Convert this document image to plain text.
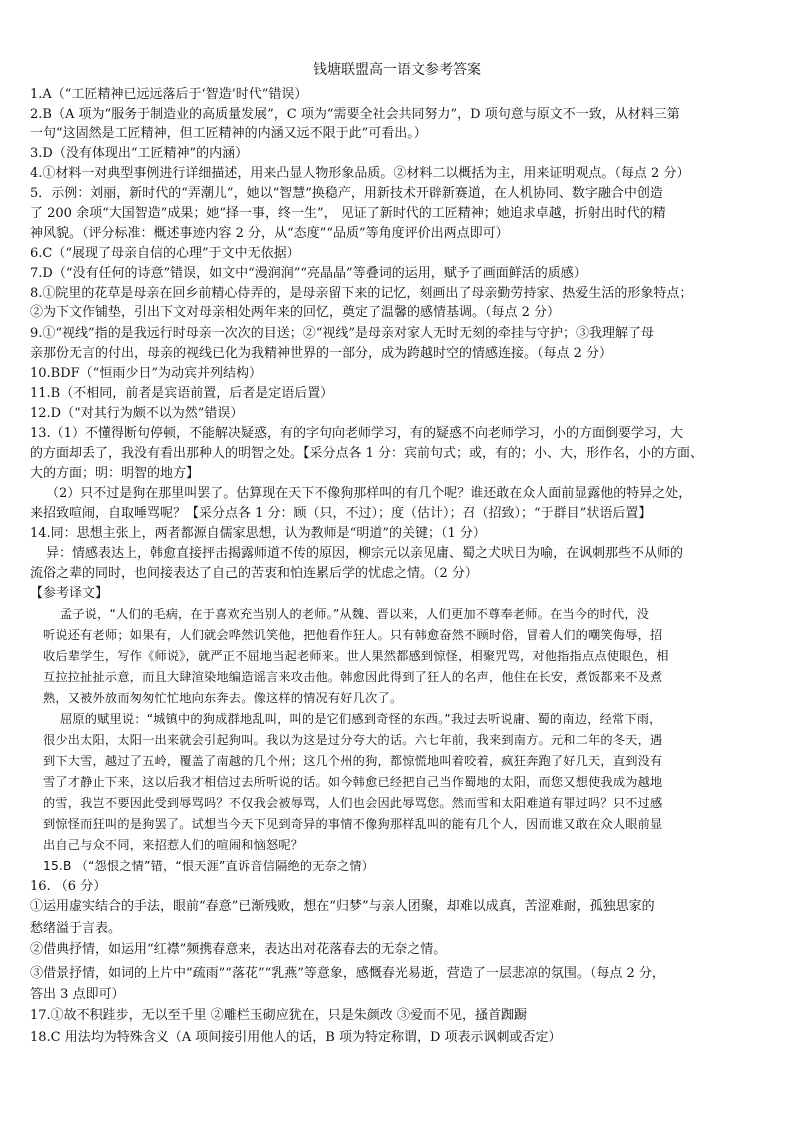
钱塘联盟高一语文参考答案
1.A（“工匠精神已远远落后于‘智造’时代”错误）
2.B（A 项为“服务于制造业的高质量发展”，C 项为“需要全社会共同努力”，D 项句意与原文不一致，从材料三第
一句“这固然是工匠精神，但工匠精神的内涵又远不限于此”可看出。）
3.D（没有体现出“工匠精神”的内涵）
4.①材料一对典型事例进行详细描述，用来凸显人物形象品质。②材料二以概括为主，用来证明观点。（每点 2 分）
5．示例：刘丽，新时代的“弄潮儿”，她以“智慧”换稳产，用新技术开辟新赛道，在人机协同、数字融合中创造
了 200 余项“大国智造”成果；她“择一事，终一生”， 见证了新时代的工匠精神；她追求卓越，折射出时代的精
神风貌。（评分标准：概述事迹内容 2 分，从“态度”“品质”等角度评价出两点即可）
6.C（“展现了母亲自信的心理”于文中无依据）
7.D（“没有任何的诗意”错误，如文中“漫润润”“亮晶晶”等叠词的运用，赋予了画面鲜活的质感）
8.①院里的花草是母亲在回乡前精心侍弄的，是母亲留下来的记忆，刻画出了母亲勤劳持家、热爱生活的形象特点；
②为下文作铺垫，引出下文对母亲相处两年来的回忆，奠定了温馨的感情基调。（每点 2 分）
9.①“视线”指的是我远行时母亲一次次的目送；②“视线”是母亲对家人无时无刻的牵挂与守护；③我理解了母
亲那份无言的付出，母亲的视线已化为我精神世界的一部分，成为跨越时空的情感连接。（每点 2 分）
10.BDF（“恒雨少日”为动宾并列结构）
11.B（不相同，前者是宾语前置，后者是定语后置）
12.D（“对其行为颇不以为然”错误）
13.（1）不懂得断句停顿，不能解决疑惑，有的字句向老师学习，有的疑惑不向老师学习，小的方面倒要学习，大
的方面却丢了，我没有看出那种人的明智之处。【采分点各 1 分：宾前句式；或，有的；小、大，形作名，小的方面、
大的方面；明：明智的地方】
（2）只不过是狗在那里叫罢了。估算现在天下不像狗那样叫的有几个呢？谁还敢在众人面前显露他的特异之处，
来招致喧闹，自取唾骂呢？【采分点各 1 分：顾（只，不过）；度（估计）；召（招致）；“于群目”状语后置】
14.同：思想主张上，两者都源自儒家思想，认为教师是“明道”的关键；（1 分）
异：情感表达上，韩愈直接抨击揭露师道不传的原因，柳宗元以亲见庸、蜀之犬吠日为喻，在讽刺那些不从师的
流俗之辈的同时，也间接表达了自己的苦衷和怕连累后学的忧虑之情。（2 分）
【参考译文】
孟子说，“人们的毛病，在于喜欢充当别人的老师。”从魏、晋以来，人们更加不尊奉老师。在当今的时代，没
听说还有老师；如果有，人们就会哗然讥笑他，把他看作狂人。只有韩愈奋然不顾时俗，冒着人们的嘲笑侮辱，招
收后辈学生，写作《师说》，就严正不屈地当起老师来。世人果然都感到惊怪，相聚咒骂，对他指指点点使眼色，相
互拉拉扯扯示意，而且大肆渲染地编造谣言来攻击他。韩愈因此得到了狂人的名声，他住在长安，煮饭都来不及煮
熟，又被外放而匆匆忙忙地向东奔去。像这样的情况有好几次了。
屈原的赋里说：“城镇中的狗成群地乱叫，叫的是它们感到奇怪的东西。”我过去听说庸、蜀的南边，经常下雨，
很少出太阳，太阳一出来就会引起狗叫。我以为这是过分夸大的话。六七年前，我来到南方。元和二年的冬天，遇
到下大雪，越过了五岭，覆盖了南越的几个州；这几个州的狗，都惊慌地叫着咬着，疯狂奔跑了好几天，直到没有
雪了才静止下来，这以后我才相信过去所听说的话。如今韩愈已经把自己当作蜀地的太阳，而您又想使我成为越地
的雪，我岂不要因此受到辱骂吗？不仅我会被辱骂，人们也会因此辱骂您。然而雪和太阳难道有罪过吗？只不过感
到惊怪而狂叫的是狗罢了。试想当今天下见到奇异的事情不像狗那样乱叫的能有几个人，因而谁又敢在众人眼前显
出自己与众不同，来招惹人们的喧闹和恼怒呢？
15.B （“怨恨之情”错，“恨天涯”直诉音信隔绝的无奈之情）
16. （6 分）
①运用虚实结合的手法，眼前“春意”已渐残败，想在“归梦”与亲人团聚，却难以成真，苦涩难耐，孤独思家的
愁绪溢于言表。
②借典抒情，如运用“红襟”频携春意来，表达出对花落春去的无奈之情。
③借景抒情，如词的上片中“疏雨”“落花”“乳燕”等意象，感慨春光易逝，营造了一层悲凉的氛围。（每点 2 分，
答出 3 点即可）
17.①故不积跬步，无以至千里 ②雕栏玉砌应犹在，只是朱颜改 ③爱而不见，搔首踟蹰
18.C 用法均为特殊含义（A 项间接引用他人的话，B 项为特定称谓，D 项表示讽刺或否定）
